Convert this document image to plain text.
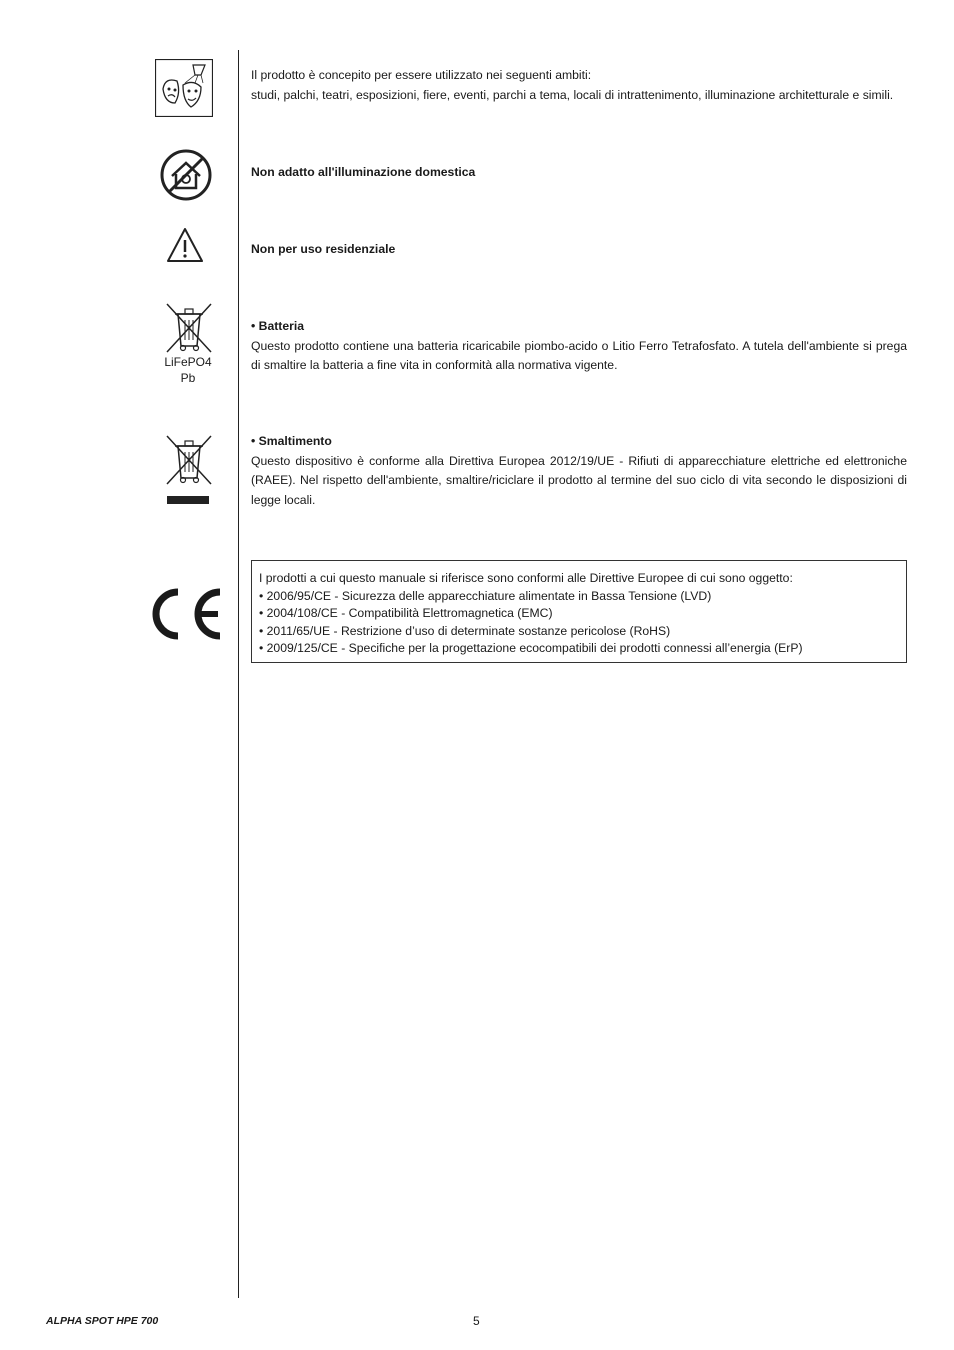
Il prodotto è concepito per essere utilizzato nei seguenti ambiti:
studi, palchi, teatri, esposizioni, fiere, eventi, parchi a tema, locali di intrattenimento, illuminazione architetturale e simili.
Non adatto all'illuminazione domestica
Non per uso residenziale
LiFePO4
Pb
• Batteria
Questo prodotto contiene una batteria ricaricabile piombo-acido o Litio Ferro Tetrafosfato. A tutela dell'ambiente si prega di smaltire la batteria a fine vita in conformità alla normativa vigente.
• Smaltimento
Questo dispositivo è conforme alla Direttiva Europea 2012/19/UE - Rifiuti di apparecchiature elettriche ed elettroniche (RAEE). Nel rispetto dell'ambiente, smaltire/riciclare il prodotto al termine del suo ciclo di vita secondo le disposizioni di legge locali.
I prodotti a cui questo manuale si riferisce sono conformi alle Direttive Europee di cui sono oggetto:
• 2006/95/CE - Sicurezza delle apparecchiature alimentate in Bassa Tensione (LVD)
• 2004/108/CE - Compatibilità Elettromagnetica (EMC)
• 2011/65/UE - Restrizione d’uso di determinate sostanze pericolose (RoHS)
• 2009/125/CE - Specifiche per la progettazione ecocompatibili dei prodotti connessi all’energia (ErP)
ALPHA SPOT HPE 700	5
